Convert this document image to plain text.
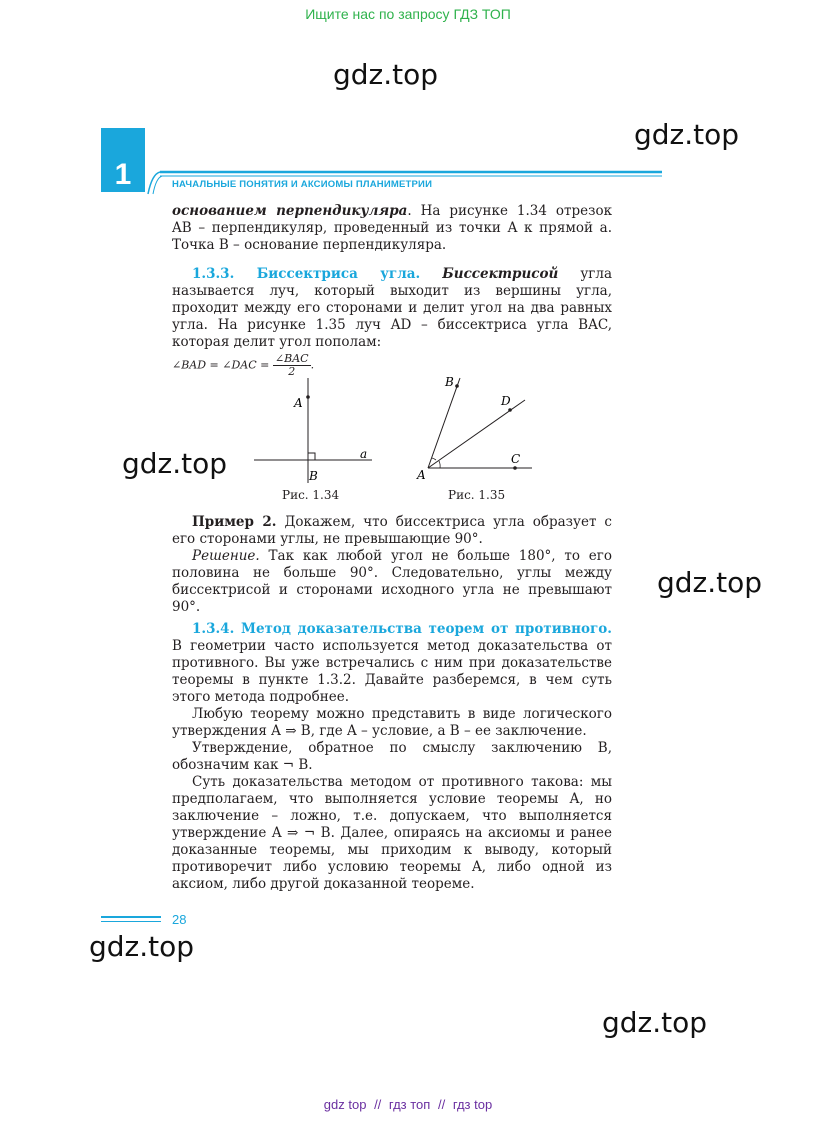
Ищите нас по запросу ГДЗ ТОП
gdz.top
gdz.top
gdz.top
gdz.top
gdz.top
gdz.top
1	НАЧАЛЬНЫЕ ПОНЯТИЯ И АКСИОМЫ ПЛАНИМЕТРИИ

основанием перпендикуляра. На рисунке 1.34 отрезок AB – перпендикуляр, проведенный из точки A к прямой a. Точка B – основание перпендикуляра.

1.3.3. Биссектриса угла. Биссектрисой угла называется луч, который выходит из вершины угла, проходит между его сторонами и делит угол на два равных угла. На рисунке 1.35 луч AD – биссектриса угла BAC, которая делит угол пополам:

∠BAD = ∠DAC = $\frac{\text{∠BAC}}{2}$ .

A
B
a
Рис. 1.34
B
D
C
A
Рис. 1.35

Пример 2. Докажем, что биссектриса угла образует с его сторонами углы, не превышающие 90°.

Решение. Так как любой угол не больше 180°, то его половина не больше 90°. Следовательно, углы между биссектрисой и сторонами исходного угла не превышают 90°.

1.3.4. Метод доказательства теорем от противного. В геометрии часто используется метод доказательства от противного. Вы уже встречались с ним при доказательстве теоремы в пункте 1.3.2. Давайте разберемся, в чем суть этого метода подробнее.

Любую теорему можно представить в виде логического утверждения A ⇒ B, где A – условие, а B – ее заключение.

Утверждение, обратное по смыслу заключению B, обозначим как ¬ B.

Суть доказательства методом от противного такова: мы предполагаем, что выполняется условие теоремы A, но заключение – ложно, т.е. допускаем, что выполняется утверждение A ⇒ ¬ B. Далее, опираясь на аксиомы и ранее доказанные теоремы, мы приходим к выводу, который противоречит либо условию теоремы A, либо одной из аксиом, либо другой доказанной теореме.

28
gdz top // гдз топ // гдз top
